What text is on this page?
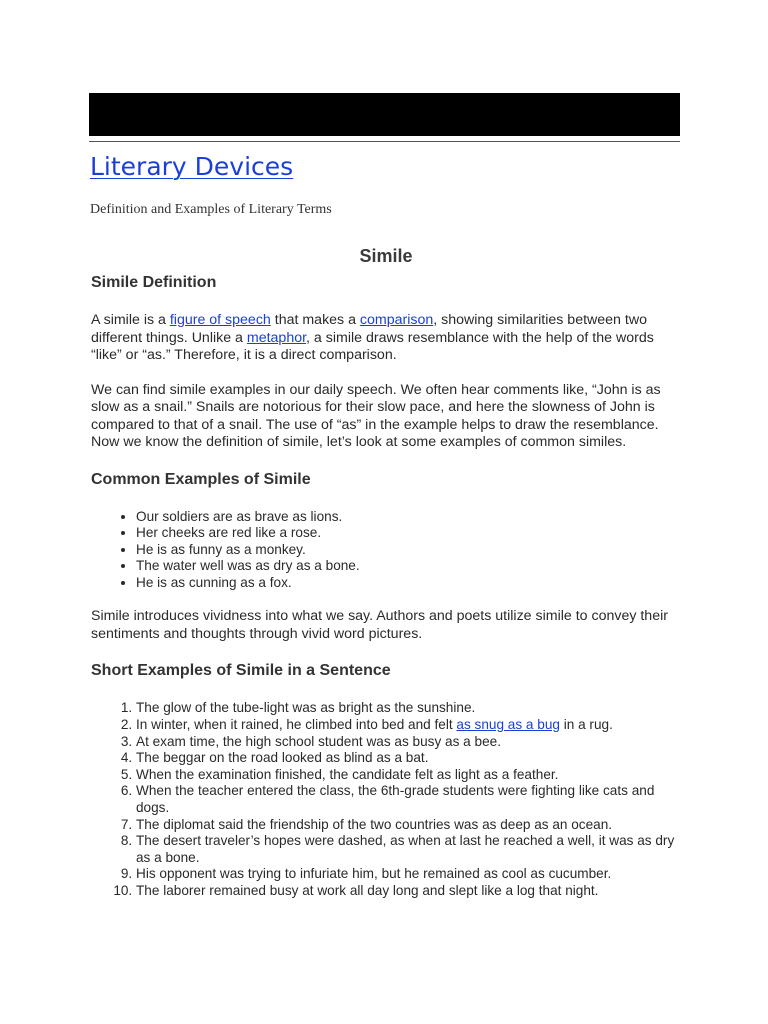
Literary Devices

Definition and Examples of Literary Terms

Simile
Simile Definition

A simile is a figure of speech that makes a comparison, showing similarities between two different things. Unlike a metaphor, a simile draws resemblance with the help of the words “like” or “as.” Therefore, it is a direct comparison.

We can find simile examples in our daily speech. We often hear comments like, “John is as slow as a snail.” Snails are notorious for their slow pace, and here the slowness of John is compared to that of a snail. The use of “as” in the example helps to draw the resemblance. Now we know the definition of simile, let’s look at some examples of common similes.

Common Examples of Simile
• Our soldiers are as brave as lions.
• Her cheeks are red like a rose.
• He is as funny as a monkey.
• The water well was as dry as a bone.
• He is as cunning as a fox.

Simile introduces vividness into what we say. Authors and poets utilize simile to convey their sentiments and thoughts through vivid word pictures.

Short Examples of Simile in a Sentence
1. The glow of the tube-light was as bright as the sunshine.
2. In winter, when it rained, he climbed into bed and felt as snug as a bug in a rug.
3. At exam time, the high school student was as busy as a bee.
4. The beggar on the road looked as blind as a bat.
5. When the examination finished, the candidate felt as light as a feather.
6. When the teacher entered the class, the 6th-grade students were fighting like cats and dogs.
7. The diplomat said the friendship of the two countries was as deep as an ocean.
8. The desert traveler’s hopes were dashed, as when at last he reached a well, it was as dry as a bone.
9. His opponent was trying to infuriate him, but he remained as cool as cucumber.
10. The laborer remained busy at work all day long and slept like a log that night.
